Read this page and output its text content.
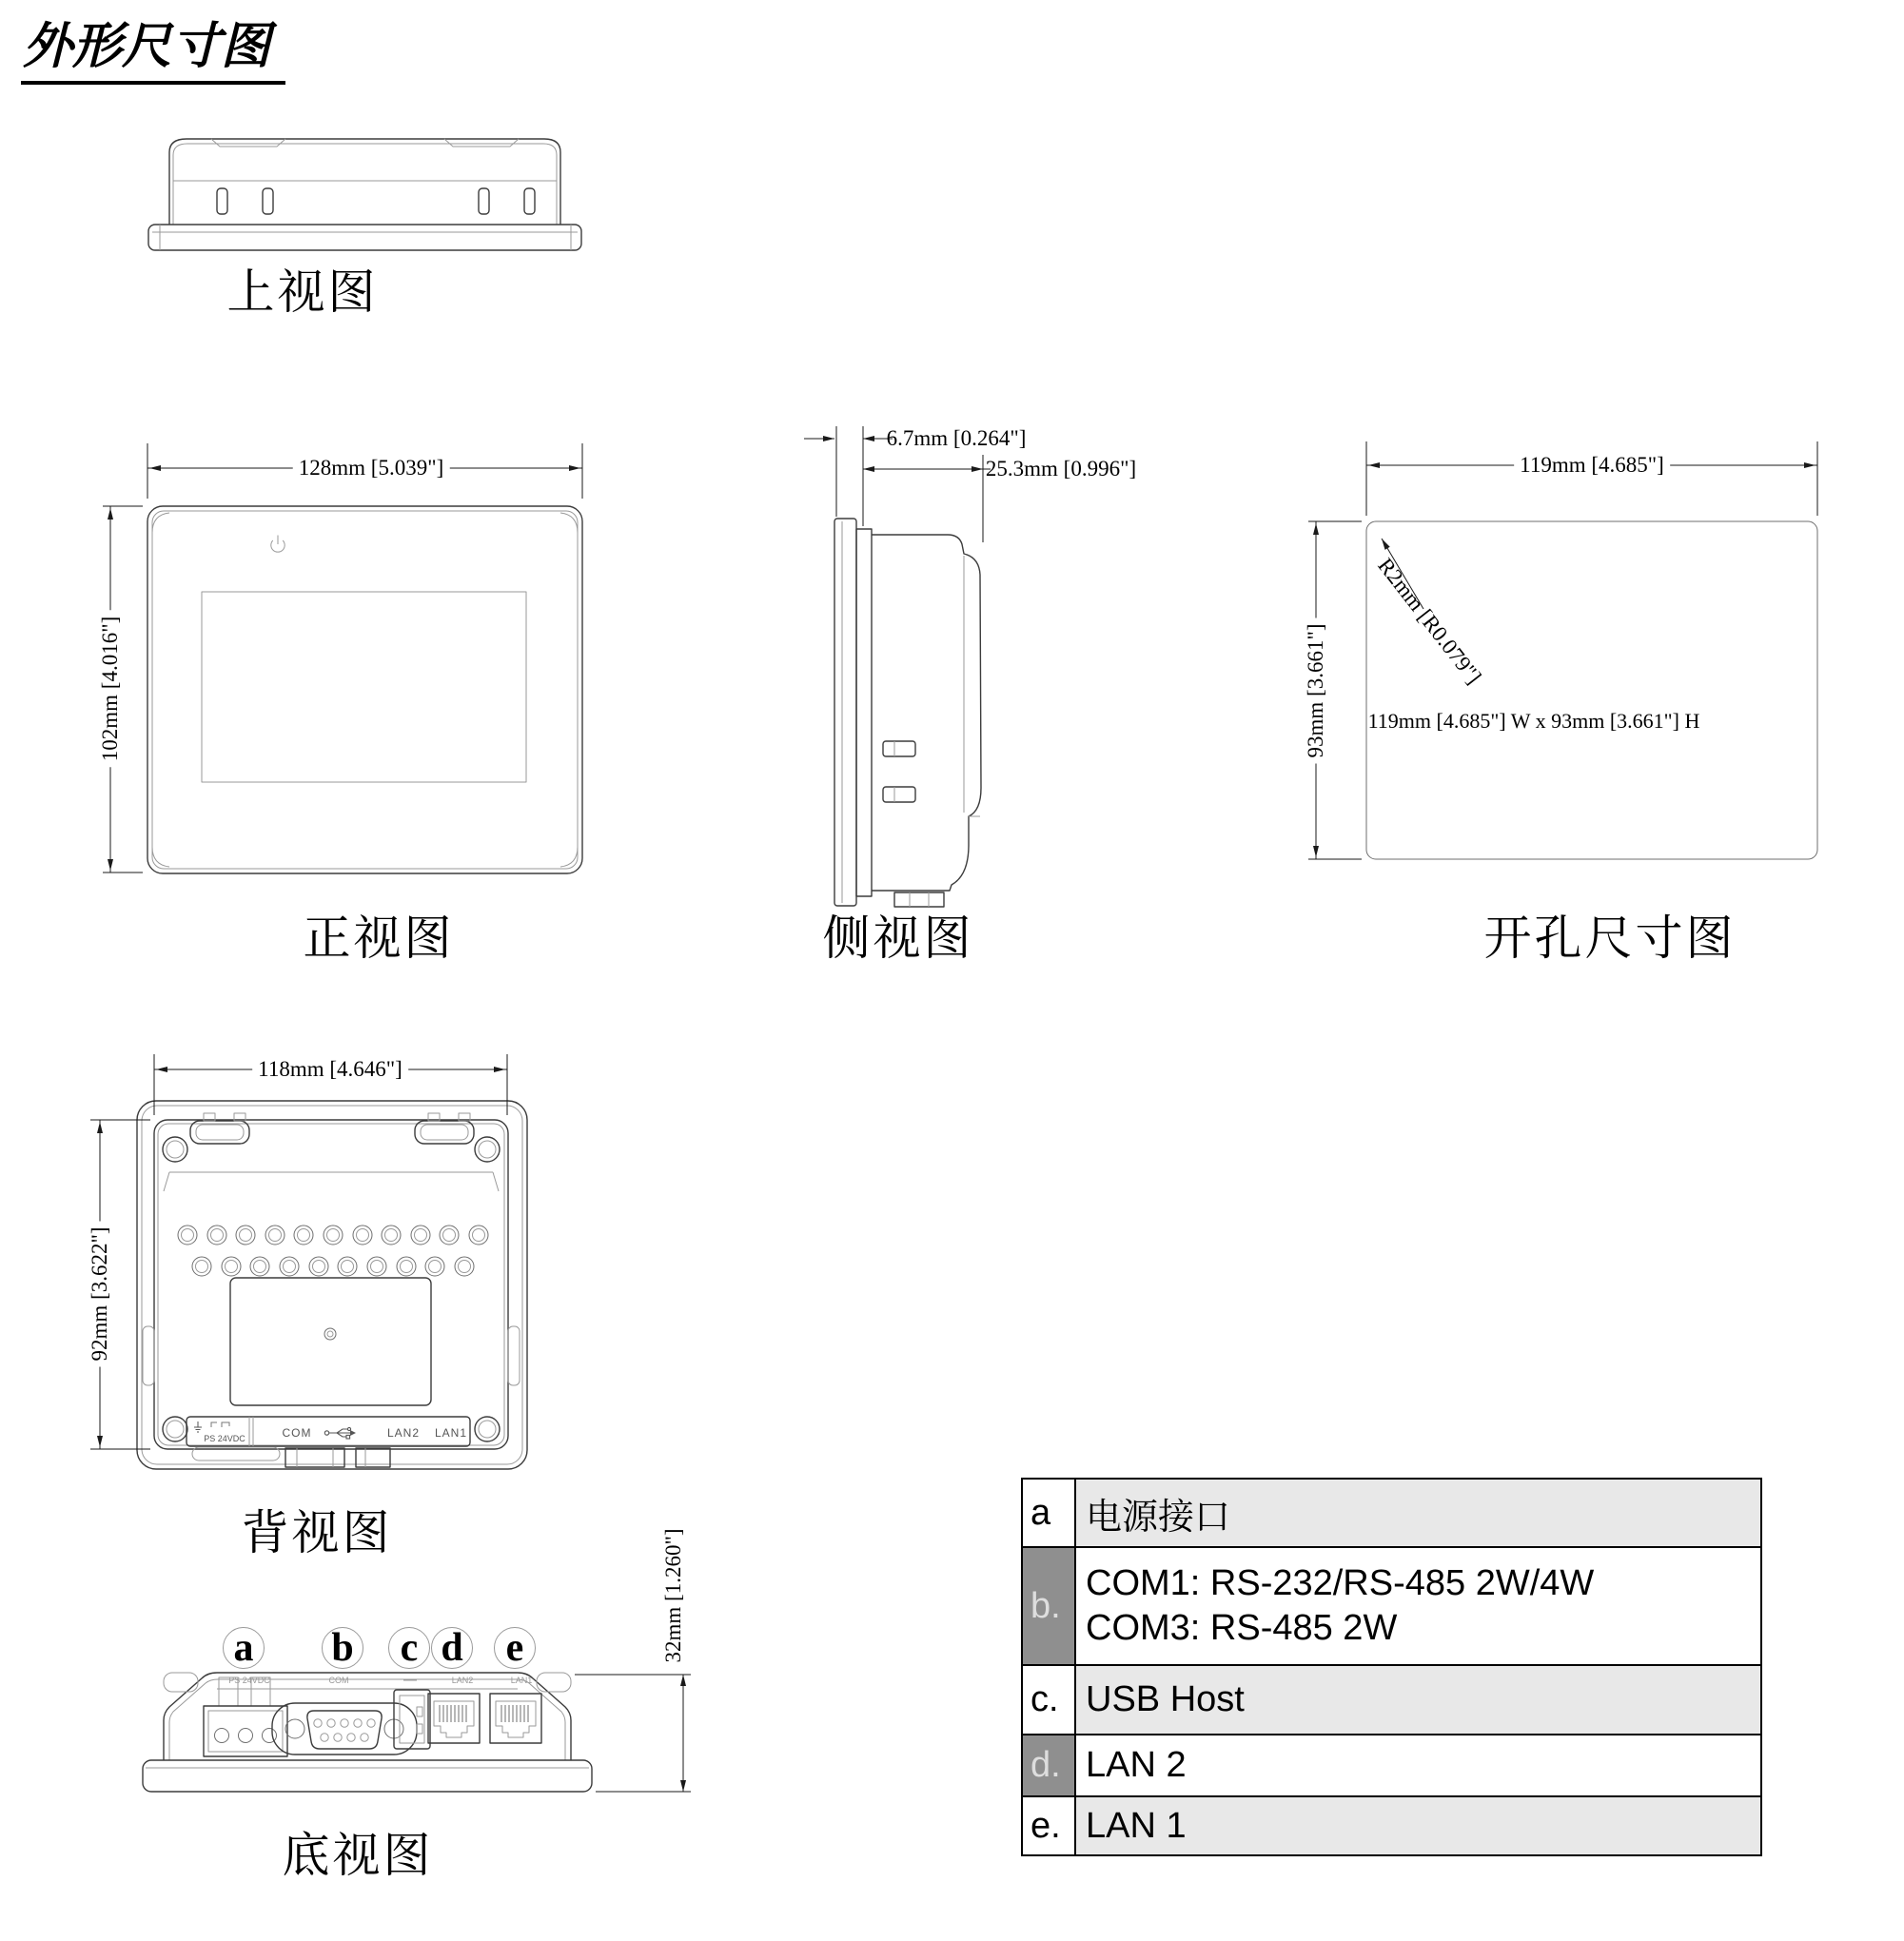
外形尺寸图
上视图
正视图	侧视图	开孔尺寸图
背视图
底视图
128mm [5.039"]
102mm [4.016"]
6.7mm [0.264"]
25.3mm [0.996"]	119mm [4.685"]
93mm [3.661"]
R2mm [R0.079"]
119mm [4.685"] W x 93mm [3.661"] H
118mm [4.646"]
92mm [3.622"]
32mm [1.260"]
PS 24VDC	COM	LAN2 LAN1
PS 24VDC	COM	LAN2	LAN1
a b	c d	e
a	电源接口
b.	COM1: RS-232/RS-485 2W/4W
COM3: RS-485 2W

c.	USB Host
d.	LAN 2
e.	LAN 1
